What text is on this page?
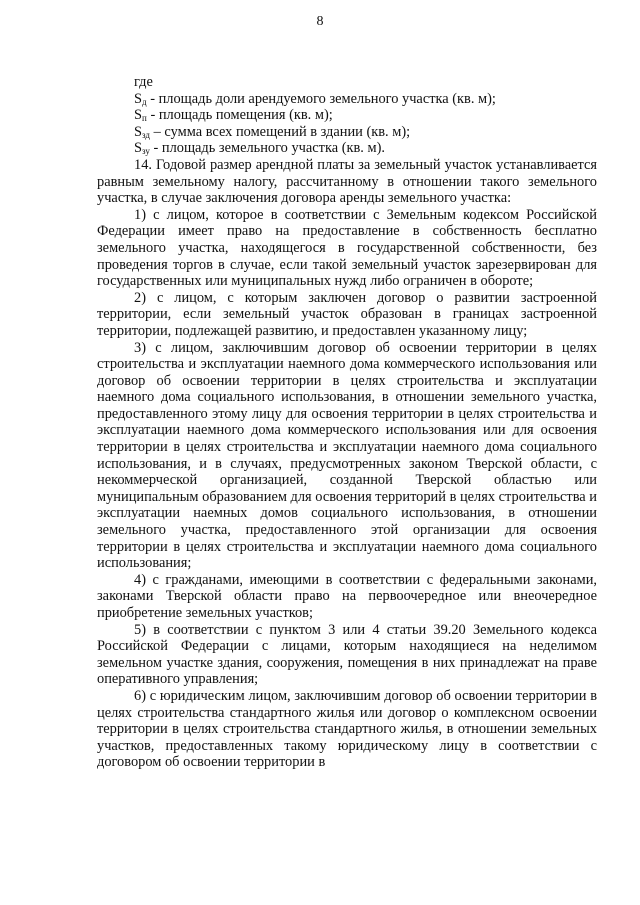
8

где

$S_д$ - площадь доли арендуемого земельного участка (кв. м);

$S_п$ - площадь помещения (кв. м);

$S_{зд}$ – сумма всех помещений в здании (кв. м);

$S_{зу}$ - площадь земельного участка (кв. м).

14. Годовой размер арендной платы за земельный участок устанавливается равным земельному налогу, рассчитанному в отношении такого земельного участка, в случае заключения договора аренды земельного участка:

1) с лицом, которое в соответствии с Земельным кодексом Российской Федерации имеет право на предоставление в собственность бесплатно земельного участка, находящегося в государственной собственности, без проведения торгов в случае, если такой земельный участок зарезервирован для государственных или муниципальных нужд либо ограничен в обороте;

2) с лицом, с которым заключен договор о развитии застроенной территории, если земельный участок образован в границах застроенной территории, подлежащей развитию, и предоставлен указанному лицу;

3) с лицом, заключившим договор об освоении территории в целях строительства и эксплуатации наемного дома коммерческого использования или договор об освоении территории в целях строительства и эксплуатации наемного дома социального использования, в отношении земельного участка, предоставленного этому лицу для освоения территории в целях строительства и эксплуатации наемного дома коммерческого использования или для освоения территории в целях строительства и эксплуатации наемного дома социального использования, и в случаях, предусмотренных законом Тверской области, с некоммерческой организацией, созданной Тверской областью или муниципальным образованием для освоения территорий в целях строительства и эксплуатации наемных домов социального использования, в отношении земельного участка, предоставленного этой организации для освоения территории в целях строительства и эксплуатации наемного дома социального использования;

4) с гражданами, имеющими в соответствии с федеральными законами, законами Тверской области право на первоочередное или внеочередное приобретение земельных участков;

5) в соответствии с пунктом 3 или 4 статьи 39.20 Земельного кодекса Российской Федерации с лицами, которым находящиеся на неделимом земельном участке здания, сооружения, помещения в них принадлежат на праве оперативного управления;

6) с юридическим лицом, заключившим договор об освоении территории в целях строительства стандартного жилья или договор о комплексном освоении территории в целях строительства стандартного жилья, в отношении земельных участков, предоставленных такому юридическому лицу в соответствии с договором об освоении территории в
